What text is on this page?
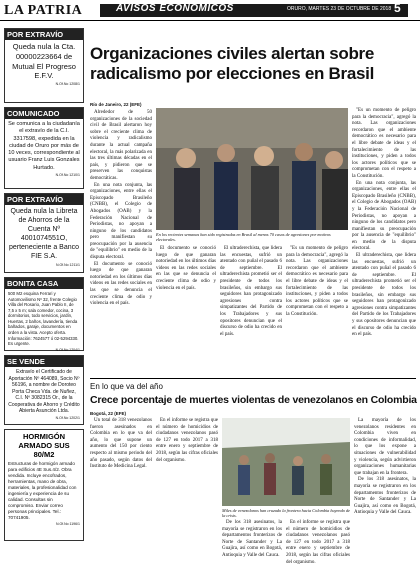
LA PATRIA	AVISOS ECONÓMICOS	ORURO, MARTES 23 DE OCTUBRE DE 2018 5
POR EXTRAVÍO
Queda nula la Cta. 00000223664 de Mutual El Progreso E.F.V.
N.Of.No 1208/1
COMUNICADO
Se comunica a la ciudadanía el extravío de la C.I. 3317598, expedida en la ciudad de Oruro por más de 10 veces, correspondiente al usuario Franz Luis Gonzales Hurtado.
N.Of.No 1210/1
POR EXTRAVÍO
Queda nula la Libreta de Ahorros de la Cuenta Nº 4001074551O, perteneciente a Banco FIE S.A.
N.Of.No 1211/1
BONITA CASA
500 M2 esquina Ferrari y Automovilismo Nº 32, frente Colegio Villa del Rosario, Juan Pablo II, de 7,5 x 5 m; sala comedor, cocina, 3 dormitorios, todo servicios, jardín, Huertas, 2 baños, lavandería, tienda bañados, garaje, documentos en orden a la vista. Acepto oferta. Información: 7624577 ó 02-5294330. Es urgente.
N.Of.No 1204/1
SE VENDE
Extravío el Certificado de Aportación Nº 464089, Socio Nº 56196, a nombre de Doroteo Porta Checa Vda. de Nuñez, C.I. Nº 3082315 Or., de la Cooperativa de Ahorro y Crédito Abierta Asunción Ltda.
N.Of.No 1202/1
HORMIGÓN ARMADO SUS 80/M2
Estructuras de hormigón armado para edificios 4E Sus.4/2. Obra vendida. Incluye encofrados, herramientas, mano de obra, materiales, la profesionalidad con ingeniería y experiencia de su calidad. Consultas sin compromiso. Enviar correo personas principales. Tel.: 70741905.
N.Of.No 1196/1
Organizaciones civiles alertan sobre radicalismo por elecciones en Brasil
Río de Janeiro, 22 (EFE)

Alrededor de 50 organizaciones de la sociedad civil de Brasil alertaron hoy sobre el creciente clima de violencia y radicalismo durante la actual campaña electoral, la más polarizada en las tres últimas décadas en el país, y pidieron que se preserven las conquistas democráticas.

En una nota conjunta, las organizaciones, entre ellas el Episcopado Brasileño (CNBB), el Colegio de Abogados (OAB) y la Federación Nacional de Periodistas, no apoyan a ninguno de los candidatos pero manifiestan su preocupación por la ausencia de "equilibrio" en medio de la disputa electoral.

El documento se conoció luego de que ganaran notoriedad en los últimos días videos en las redes sociales en las que se denuncia el creciente clima de odio y violencia en el país.

En los recientes semanas han sido registradas en Brasil al menos 70 casos de agresiones por motivos electorales.

El documento se conoció luego de que ganaran notoriedad en los últimos días videos en las redes sociales en las que se denuncia el creciente clima de odio y violencia en el país.

El ultraderechista, que lidera las encuestas, sufrió un atentado con puñal el pasado 6 de septiembre. El ultraderechista prometió ser el presidente de todos los brasileños, sin embargo sus seguidores han protagonizado agresiones contra simpatizantes del Partido de los Trabajadores y sus opositores denuncian que el discurso de odio ha crecido en el país.

"Es un momento de peligro para la democracia", agregó la nota. Las organizaciones recordaron que el ambiente democrático es necesario para el libre debate de ideas y el fortalecimiento de las instituciones, y piden a todos los actores políticos que se comprometan con el respeto a la Constitución.

"Es un momento de peligro para la democracia", agregó la nota. Las organizaciones recordaron que el ambiente democrático es necesario para el libre debate de ideas y el fortalecimiento de las instituciones, y piden a todos los actores políticos que se comprometan con el respeto a la Constitución.

En una nota conjunta, las organizaciones, entre ellas el Episcopado Brasileño (CNBB), el Colegio de Abogados (OAB) y la Federación Nacional de Periodistas, no apoyan a ninguno de los candidatos pero manifiestan su preocupación por la ausencia de "equilibrio" en medio de la disputa electoral.

El ultraderechista, que lidera las encuestas, sufrió un atentado con puñal el pasado 6 de septiembre. El ultraderechista prometió ser el presidente de todos los brasileños, sin embargo sus seguidores han protagonizado agresiones contra simpatizantes del Partido de los Trabajadores y sus opositores denuncian que el discurso de odio ha crecido en el país.

En lo que va del año
Crece porcentaje de muertes violentas de venezolanos en Colombia
Bogotá, 22 (EFE)

Un total de 318 venezolanos fueron asesinados en Colombia en lo que va del año, lo que supone un aumento del 150 por ciento respecto al mismo periodo del año pasado, según datos del Instituto de Medicina Legal.

En el informe se registra que el número de homicidios de ciudadanos venezolanos pasó de 127 en todo 2017 a 318 entre enero y septiembre de 2018, según las cifras oficiales del organismo.

Miles de venezolanos han cruzado la frontera hacia Colombia huyendo de la crisis.

De los 318 asesinatos, la mayoría se registraron en los departamentos fronterizos de Norte de Santander y La Guajira, así como en Bogotá, Antioquia y Valle del Cauca.

En el informe se registra que el número de homicidios de ciudadanos venezolanos pasó de 127 en todo 2017 a 318 entre enero y septiembre de 2018, según las cifras oficiales del organismo.

La mayoría de los venezolanos residentes en Colombia viven en condiciones de informalidad, lo que los expone a situaciones de vulnerabilidad y violencia, según advirtieron organizaciones humanitarias que trabajan en la frontera.

De los 318 asesinatos, la mayoría se registraron en los departamentos fronterizos de Norte de Santander y La Guajira, así como en Bogotá, Antioquia y Valle del Cauca.
